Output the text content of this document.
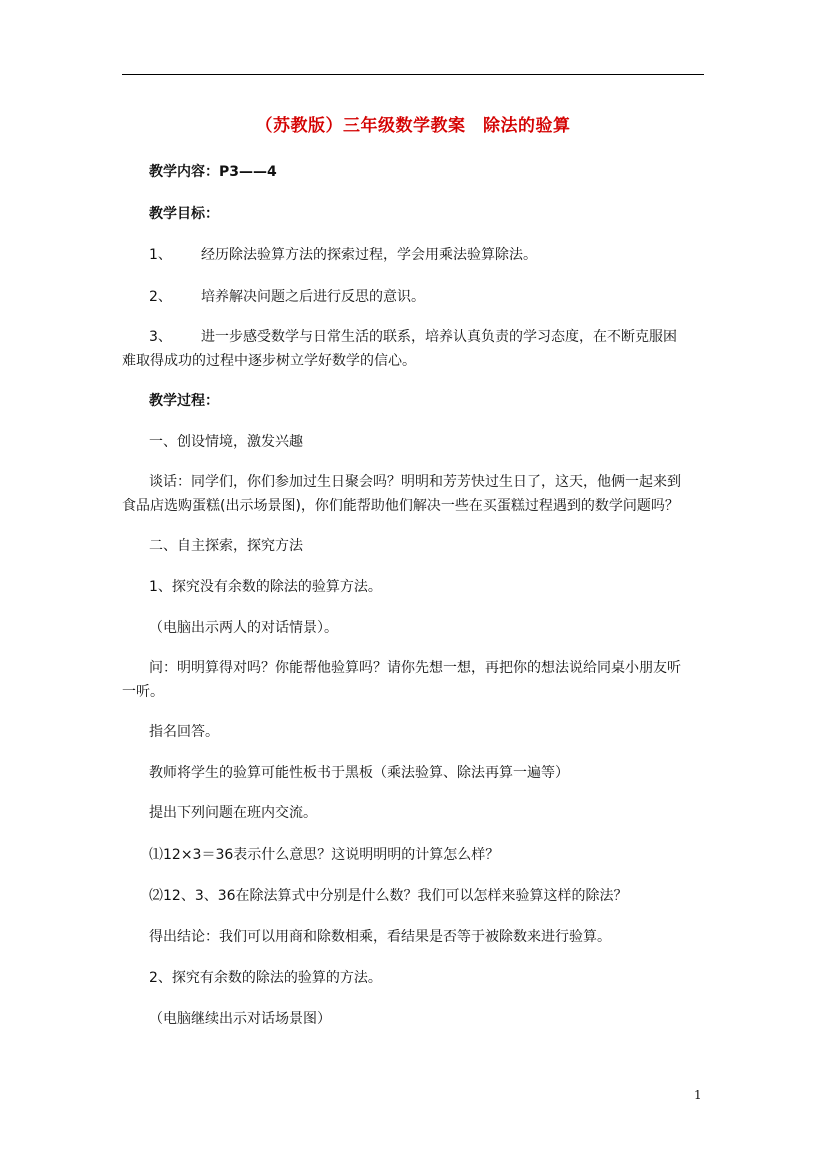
（苏教版）三年级数学教案　除法的验算
教学内容：P3——4
教学目标：
1、 经历除法验算方法的探索过程，学会用乘法验算除法。
2、 培养解决问题之后进行反思的意识。
3、 进一步感受数学与日常生活的联系，培养认真负责的学习态度，在不断克服困
难取得成功的过程中逐步树立学好数学的信心。
教学过程：
一、创设情境，激发兴趣
谈话：同学们，你们参加过生日聚会吗？明明和芳芳快过生日了，这天，他俩一起来到
食品店选购蛋糕(出示场景图)，你们能帮助他们解决一些在买蛋糕过程遇到的数学问题吗？
二、自主探索，探究方法
1、探究没有余数的除法的验算方法。
（电脑出示两人的对话情景）。
问：明明算得对吗？你能帮他验算吗？请你先想一想，再把你的想法说给同桌小朋友听
一听。
指名回答。
教师将学生的验算可能性板书于黑板（乘法验算、除法再算一遍等）
提出下列问题在班内交流。
⑴12×3＝36表示什么意思？这说明明明的计算怎么样？
⑵12、3、36在除法算式中分别是什么数？我们可以怎样来验算这样的除法？
得出结论：我们可以用商和除数相乘，看结果是否等于被除数来进行验算。
2、探究有余数的除法的验算的方法。
（电脑继续出示对话场景图）
1
